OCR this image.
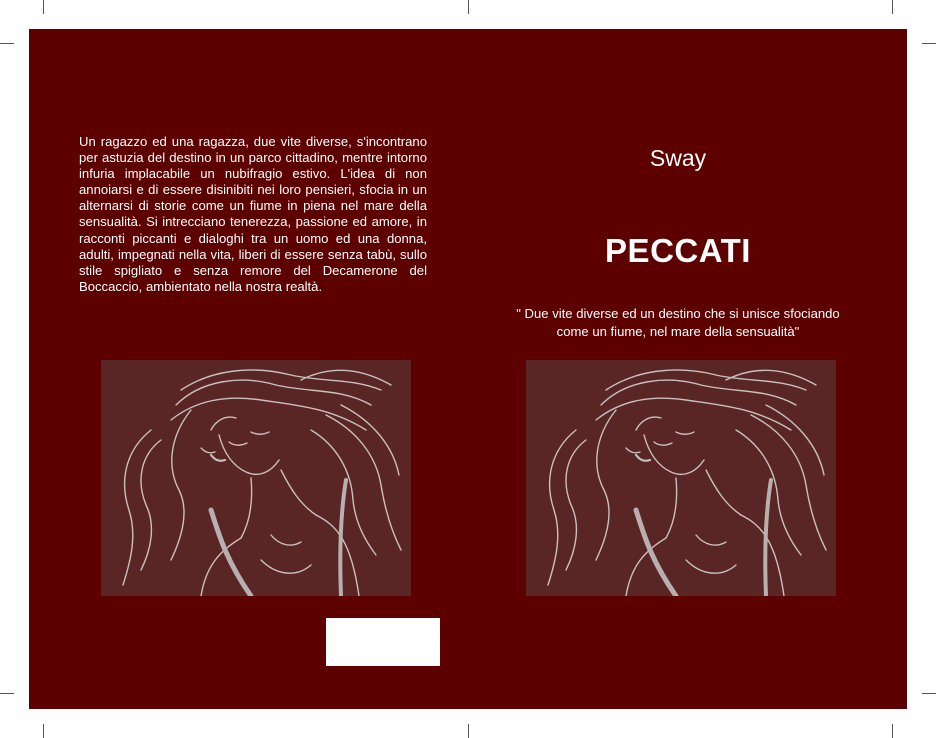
Un ragazzo ed una ragazza, due vite diverse, s'incontrano per astuzia del destino in un parco cittadino, mentre intorno infuria implacabile un nubifragio estivo. L'idea di non annoiarsi e di essere disinibiti nei loro pensieri, sfocia in un alternarsi di storie come un fiume in piena nel mare della sensualità. Si intrecciano tenerezza, passione ed amore, in racconti piccanti e dialoghi tra un uomo ed una donna, adulti, impegnati nella vita, liberi di essere senza tabù, sullo stile spigliato e senza remore del Decamerone del Boccaccio, ambientato nella nostra realtà.

Sway

PECCATI

" Due vite diverse ed un destino che si unisce sfociando come un fiume, nel mare della sensualità"
